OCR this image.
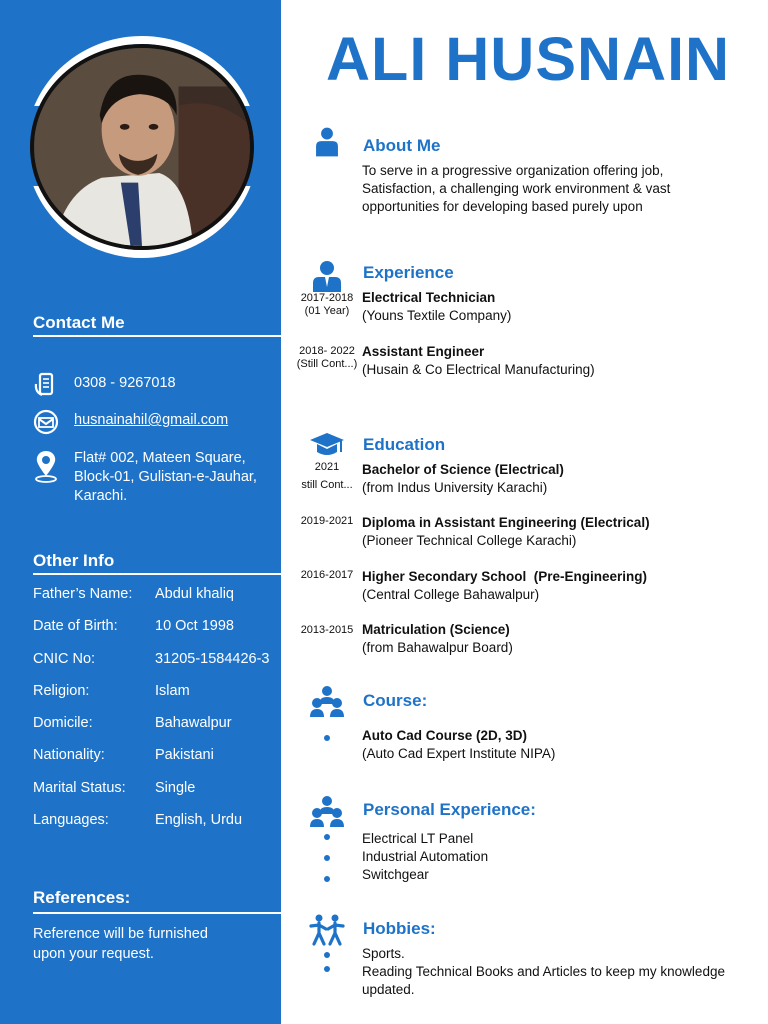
Contact Me
0308 - 9267018
husnainahil@gmail.com
Flat# 002, Mateen Square,
Block-01, Gulistan-e-Jauhar,
Karachi.
Other Info
Father’s Name:	Abdul khaliq
Date of Birth:	10 Oct 1998
CNIC No:	31205-1584426-3
Religion:	Islam
Domicile:	Bahawalpur
Nationality:	Pakistani
Marital Status:	Single
Languages:	English, Urdu
References:
Reference will be furnished
upon your request.
ALI HUSNAIN
About Me
To serve in a progressive organization offering job,
Satisfaction, a challenging work environment & vast
opportunities for developing based purely upon
Experience
2017-2018
(01 Year)
Electrical Technician
(Youns Textile Company)
2018- 2022
(Still Cont...)
Assistant Engineer
(Husain & Co Electrical Manufacturing)
Education
2021
still Cont...
Bachelor of Science (Electrical)
(from Indus University Karachi)
2019-2021 Diploma in Assistant Engineering (Electrical)
(Pioneer Technical College Karachi)
2016-2017 Higher Secondary School  (Pre-Engineering)
(Central College Bahawalpur)
2013-2015 Matriculation (Science)
(from Bahawalpur Board)
Course:
Auto Cad Course (2D, 3D)
(Auto Cad Expert Institute NIPA)
Personal Experience:
Electrical LT Panel
Industrial Automation
Switchgear
Hobbies:
Sports.
Reading Technical Books and Articles to keep my knowledge
updated.
